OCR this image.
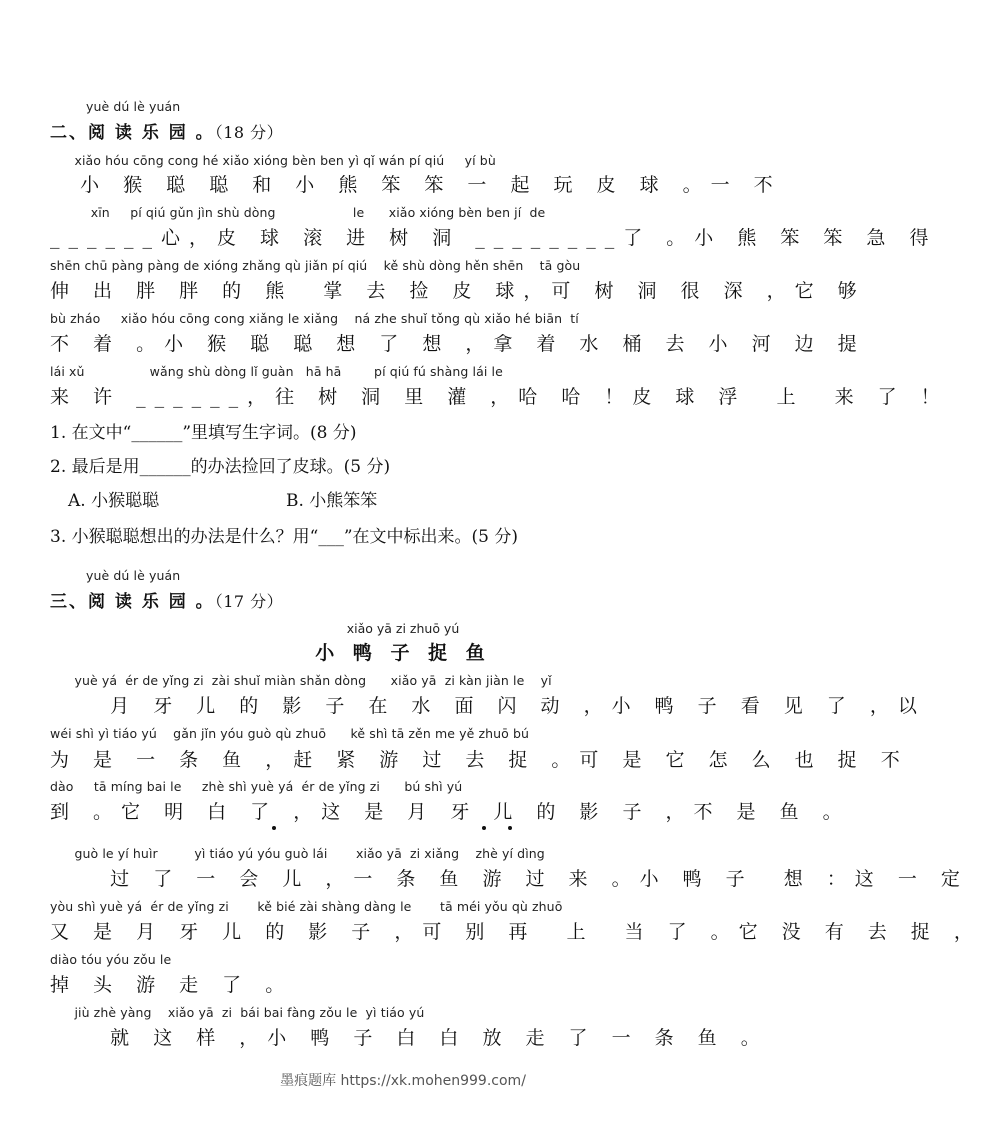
yuè dú lè yuán
二、阅 读 乐 园 。（18 分）
xiǎo hóu cōng cong hé xiǎo xióng bèn ben yì qǐ wán pí qiú     yí bù
小 猴 聪 聪 和 小 熊 笨 笨 一 起 玩 皮 球 。一 不
xīn     pí qiú gǔn jìn shù dòng                   le      xiǎo xióng bèn ben jí  de
______心，皮 球 滚 进 树 洞 ________了 。小 熊 笨 笨 急 得
shēn chū pàng pàng de xióng zhǎng qù jiǎn pí qiú    kě shù dòng hěn shēn    tā gòu
伸 出 胖 胖 的 熊  掌 去 捡 皮 球，可 树 洞 很 深 ，它 够
bù zháo     xiǎo hóu cōng cong xiǎng le xiǎng    ná zhe shuǐ tǒng qù xiǎo hé biān  tí
不 着 。小 猴 聪 聪 想 了 想 ，拿 着 水 桶 去 小 河 边 提
lái xǔ                wǎng shù dòng lǐ guàn   hā hā        pí qiú fú shàng lái le
来 许 ______，往 树 洞 里 灌 ，哈 哈 ！皮 球 浮  上  来 了 ！
1. 在文中“______”里填写生字词。(8 分)
2. 最后是用______的办法捡回了皮球。(5 分)
A. 小猴聪聪	B. 小熊笨笨
3. 小猴聪聪想出的办法是什么？用“___”在文中标出来。(5 分)
yuè dú lè yuán
三、阅 读 乐 园 。（17 分）
xiǎo yā zi zhuō yú
小 鸭 子 捉 鱼
yuè yá  ér de yǐng zi  zài shuǐ miàn shǎn dòng      xiǎo yā  zi kàn jiàn le    yǐ
月 牙 儿 的 影 子 在 水 面 闪 动 ，小 鸭 子 看 见 了 ，以
wéi shì yì tiáo yú    gǎn jǐn yóu guò qù zhuō      kě shì tā zěn me yě zhuō bú
为 是 一 条 鱼 ，赶 紧 游 过 去 捉 。可 是 它 怎 么 也 捉 不
dào     tā míng bai le     zhè shì yuè yá  ér de yǐng zi      bú shì yú
到 。它 明 白 了 ，这 是 月 牙 儿 的 影 子 ，不 是 鱼 。
guò le yí huìr         yì tiáo yú yóu guò lái       xiǎo yā  zi xiǎng    zhè yí dìng
过 了 一 会 儿 ，一 条 鱼 游 过 来 。小 鸭 子  想 ：这 一 定
yòu shì yuè yá  ér de yǐng zi       kě bié zài shàng dàng le       tā méi yǒu qù zhuō
又 是 月 牙 儿 的 影 子 ，可 别 再  上  当 了 。它 没 有 去 捉 ，
diào tóu yóu zǒu le
掉 头 游 走 了 。
jiù zhè yàng    xiǎo yā  zi  bái bai fàng zǒu le  yì tiáo yú
就 这 样 ，小 鸭 子 白 白 放 走 了 一 条 鱼 。
墨痕题库 https://xk.mohen999.com/
